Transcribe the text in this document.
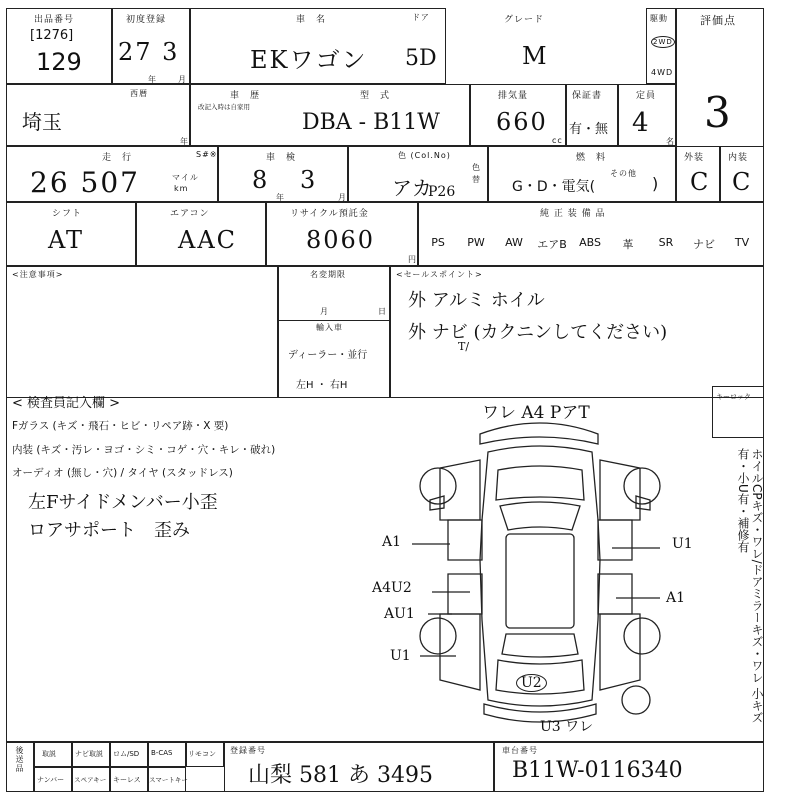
出品番号
[1276]
129
初度登録
27 3
年	月
車　名
EKワゴン
ドア
5D
グレード
M
駆動
2WD
4WD
評価点
3
埼玉
西暦
年
車　歴
改記入時は自家用
型　式
DBA - B11W
排気量
660
cc
保証書
有・無
定員
4
名
走　行
26 507	マイル
km
S#※	車　検
8 3
年	月
色 (Col.No)
アカ
P26
色替
燃　料
G・D・電気(
その他
)
外装
C
内装
C
シフト
AT
エアコン
AAC
リサイクル預託金
8060
円
純 正 装 備 品
PS	PW	AW	エアB	ABS	革	SR	ナビ	TV
<注意事項>	名変期限
月	日
輸入車
ディーラー・並行
左H ・ 右H
<セールスポイント>
外 アルミ ホイル
外 ナビ (カクニンしてください)
T/
< 検査員記入欄 >
Fガラス (キズ・飛石・ヒビ・リペア跡・X 要)
内装 (キズ・汚レ・ヨゴ・シミ・コゲ・穴・キレ・破れ)
オーディオ (無し・穴) / タイヤ (スタッドレス)
左Fサイドメンバー小歪
ロアサポート　歪み
キーロック
ホイルCPキズ・ワレ/ドアミラーキズ・ワレ 小キズ有・小U有・補修有
ワレ A4 PアT
A1	U1
A4U2
A1
AU1
U1
U2
U3 ワレ
後送品	取説	ナビ取説 ロム/SD B-CAS リモコン
ナンバー スペアキー キーレス スマートキー
登録番号
山梨 581 あ 3495
車台番号
B11W-0116340
